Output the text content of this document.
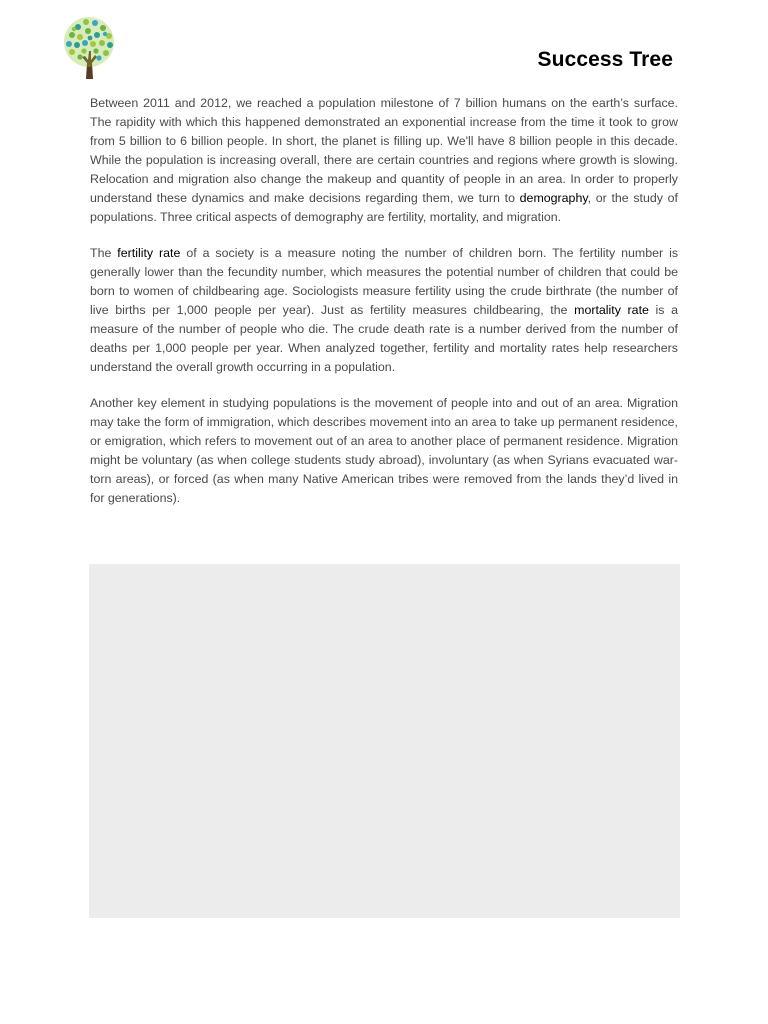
Success Tree

Between 2011 and 2012, we reached a population milestone of 7 billion humans on the earth’s surface. The rapidity with which this happened demonstrated an exponential increase from the time it took to grow from 5 billion to 6 billion people. In short, the planet is filling up. We'll have 8 billion people in this decade. While the population is increasing overall, there are certain countries and regions where growth is slowing. Relocation and migration also change the makeup and quantity of people in an area. In order to properly understand these dynamics and make decisions regarding them, we turn to demography, or the study of populations. Three critical aspects of demography are fertility, mortality, and migration.

The fertility rate of a society is a measure noting the number of children born. The fertility number is generally lower than the fecundity number, which measures the potential number of children that could be born to women of childbearing age. Sociologists measure fertility using the crude birthrate (the number of live births per 1,000 people per year). Just as fertility measures childbearing, the mortality rate is a measure of the number of people who die. The crude death rate is a number derived from the number of deaths per 1,000 people per year. When analyzed together, fertility and mortality rates help researchers understand the overall growth occurring in a population.

Another key element in studying populations is the movement of people into and out of an area. Migration may take the form of immigration, which describes movement into an area to take up permanent residence, or emigration, which refers to movement out of an area to another place of permanent residence. Migration might be voluntary (as when college students study abroad), involuntary (as when Syrians evacuated war-torn areas), or forced (as when many Native American tribes were removed from the lands they’d lived in for generations).
